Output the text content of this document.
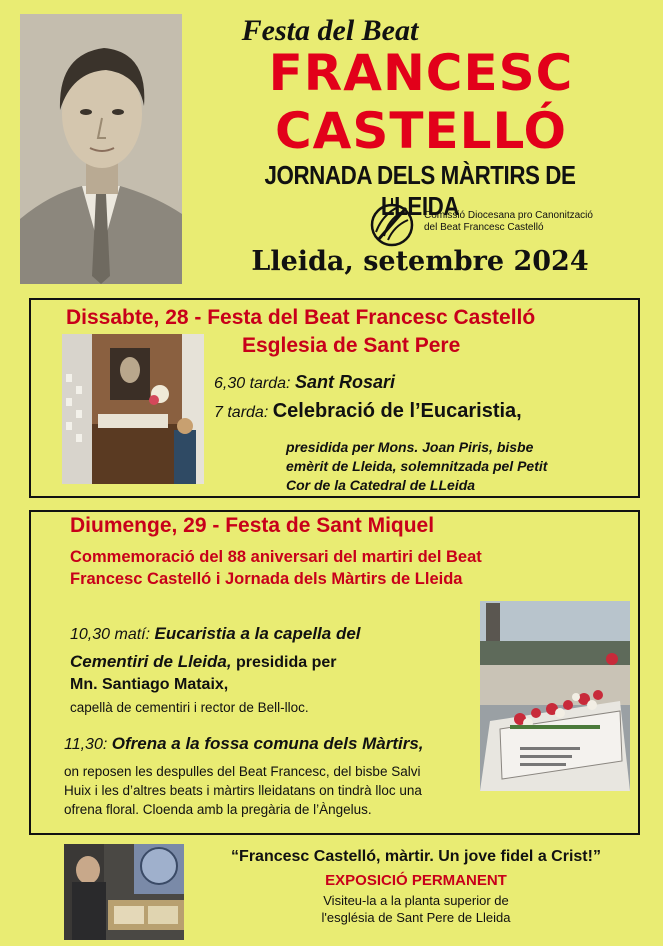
Festa del Beat
FRANCESC
CASTELLÓ
JORNADA DELS MÀRTIRS DE LLEIDA
Comissió Diocesana pro Canonització
del Beat Francesc Castelló
Lleida, setembre 2024
Dissabte, 28 - Festa del Beat Francesc Castelló
Esglesia de Sant Pere
6,30 tarda: Sant Rosari
7 tarda: Celebració de l’Eucaristia,
presidida per Mons. Joan Piris, bisbe
emèrit de Lleida, solemnitzada pel Petit
Cor de la Catedral de LLeida
Diumenge, 29 - Festa de Sant Miquel
Commemoració del 88 aniversari del martiri del Beat
Francesc Castelló i Jornada dels Màrtirs de Lleida
10,30 matí: Eucaristia a la capella del
Cementiri de Lleida, presidida per
Mn. Santiago Mataix,
capellà de cementiri i rector de Bell-lloc.
11,30: Ofrena a la fossa comuna dels Màrtirs,
on reposen les despulles del Beat Francesc, del bisbe Salvi
Huix i les d’altres beats i màrtirs lleidatans on tindrà lloc una
ofrena floral. Cloenda amb la pregària de l’Àngelus.
“Francesc Castelló, màrtir. Un jove fidel a Crist!”
EXPOSICIÓ PERMANENT
Visiteu-la a la planta superior de
l'església de Sant Pere de Lleida
